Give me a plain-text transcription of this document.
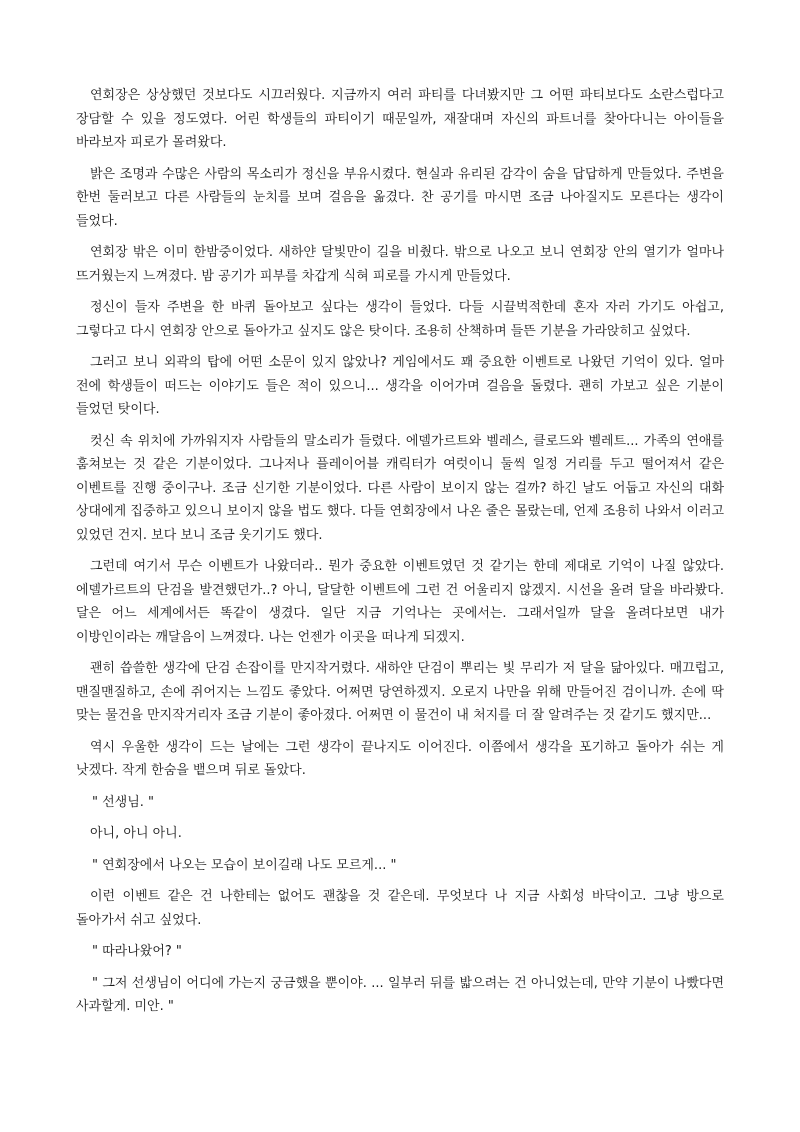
연회장은 상상했던 것보다도 시끄러웠다. 지금까지 여러 파티를 다녀봤지만 그 어떤 파티보다도 소란스럽다고 장담할 수 있을 정도였다. 어린 학생들의 파티이기 때문일까, 재잘대며 자신의 파트너를 찾아다니는 아이들을 바라보자 피로가 몰려왔다.

밝은 조명과 수많은 사람의 목소리가 정신을 부유시켰다. 현실과 유리된 감각이 숨을 답답하게 만들었다. 주변을 한번 둘러보고 다른 사람들의 눈치를 보며 걸음을 옮겼다. 찬 공기를 마시면 조금 나아질지도 모른다는 생각이 들었다.

연회장 밖은 이미 한밤중이었다. 새하얀 달빛만이 길을 비췄다. 밖으로 나오고 보니 연회장 안의 열기가 얼마나 뜨거웠는지 느껴졌다. 밤 공기가 피부를 차갑게 식혀 피로를 가시게 만들었다.

정신이 들자 주변을 한 바퀴 돌아보고 싶다는 생각이 들었다. 다들 시끌벅적한데 혼자 자러 가기도 아쉽고, 그렇다고 다시 연회장 안으로 돌아가고 싶지도 않은 탓이다. 조용히 산책하며 들뜬 기분을 가라앉히고 싶었다.

그러고 보니 외곽의 탑에 어떤 소문이 있지 않았나? 게임에서도 꽤 중요한 이벤트로 나왔던 기억이 있다. 얼마 전에 학생들이 떠드는 이야기도 들은 적이 있으니... 생각을 이어가며 걸음을 돌렸다. 괜히 가보고 싶은 기분이 들었던 탓이다.

컷신 속 위치에 가까워지자 사람들의 말소리가 들렸다. 에델가르트와 벨레스, 클로드와 벨레트... 가족의 연애를 훔쳐보는 것 같은 기분이었다. 그나저나 플레이어블 캐릭터가 여럿이니 둘씩 일정 거리를 두고 떨어져서 같은 이벤트를 진행 중이구나. 조금 신기한 기분이었다. 다른 사람이 보이지 않는 걸까? 하긴 날도 어둡고 자신의 대화 상대에게 집중하고 있으니 보이지 않을 법도 했다. 다들 연회장에서 나온 줄은 몰랐는데, 언제 조용히 나와서 이러고 있었던 건지. 보다 보니 조금 웃기기도 했다.

그런데 여기서 무슨 이벤트가 나왔더라.. 뭔가 중요한 이벤트였던 것 같기는 한데 제대로 기억이 나질 않았다. 에델가르트의 단검을 발견했던가..? 아니, 달달한 이벤트에 그런 건 어울리지 않겠지. 시선을 올려 달을 바라봤다. 달은 어느 세계에서든 똑같이 생겼다. 일단 지금 기억나는 곳에서는. 그래서일까 달을 올려다보면 내가 이방인이라는 깨달음이 느껴졌다. 나는 언젠가 이곳을 떠나게 되겠지.

괜히 씁쓸한 생각에 단검 손잡이를 만지작거렸다. 새하얀 단검이 뿌리는 빛 무리가 저 달을 닮아있다. 매끄럽고, 맨질맨질하고, 손에 쥐어지는 느낌도 좋았다. 어쩌면 당연하겠지. 오로지 나만을 위해 만들어진 검이니까. 손에 딱 맞는 물건을 만지작거리자 조금 기분이 좋아졌다. 어쩌면 이 물건이 내 처지를 더 잘 알려주는 것 같기도 했지만...

역시 우울한 생각이 드는 날에는 그런 생각이 끝나지도 이어진다. 이쯤에서 생각을 포기하고 돌아가 쉬는 게 낫겠다. 작게 한숨을 뱉으며 뒤로 돌았다.

" 선생님. "

아니, 아니 아니.

" 연회장에서 나오는 모습이 보이길래 나도 모르게... "

이런 이벤트 같은 건 나한테는 없어도 괜찮을 것 같은데. 무엇보다 나 지금 사회성 바닥이고. 그냥 방으로 돌아가서 쉬고 싶었다.

" 따라나왔어? "

" 그저 선생님이 어디에 가는지 궁금했을 뿐이야. ... 일부러 뒤를 밟으려는 건 아니었는데, 만약 기분이 나빴다면 사과할게. 미안. "
